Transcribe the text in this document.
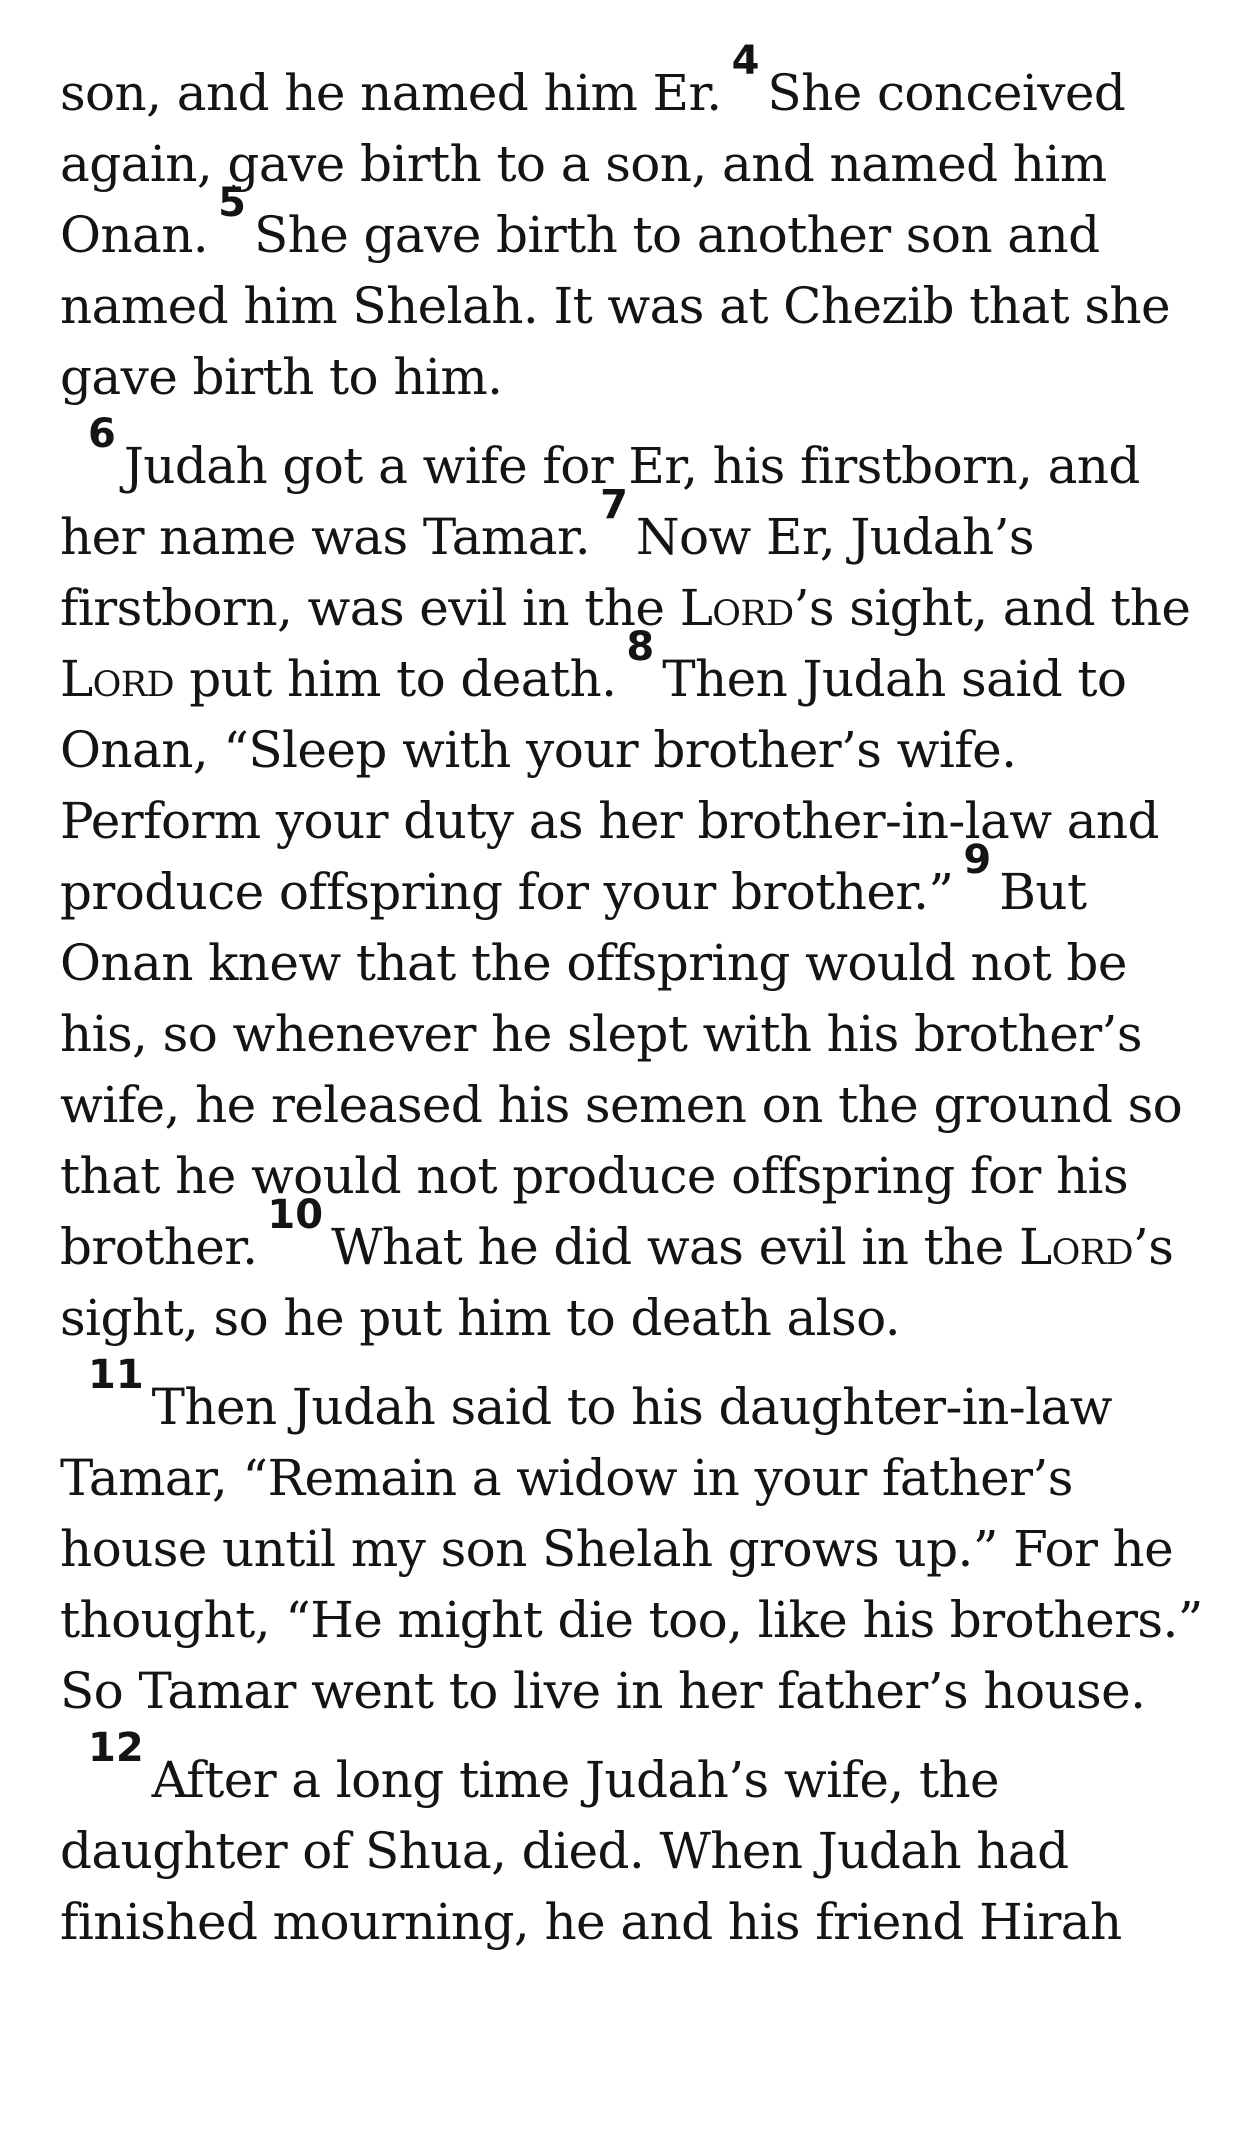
son, and he named him Er.$^4$She conceived again, gave birth to a son, and named him Onan.$^5$She gave birth to another son and named him Shelah. It was at Chezib that she gave birth to him.

$^6$Judah got a wife for Er, his firstborn, and her name was Tamar.$^7$Now Er, Judah’s firstborn, was evil in the Lord’s sight, and the Lord put him to death.$^8$Then Judah said to Onan, “Sleep with your brother’s wife. Perform your duty as her brother-in-law and produce offspring for your brother.”$^9$But Onan knew that the offspring would not be his, so whenever he slept with his brother’s wife, he released his semen on the ground so that he would not produce offspring for his brother.$^{10}$What he did was evil in the Lord’s sight, so he put him to death also.

$^{11}$Then Judah said to his daughter-in-law Tamar, “Remain a widow in your father’s house until my son Shelah grows up.” For he thought, “He might die too, like his brothers.” So Tamar went to live in her father’s house.

$^{12}$After a long time Judah’s wife, the daughter of Shua, died. When Judah had finished mourning, he and his friend Hirah
